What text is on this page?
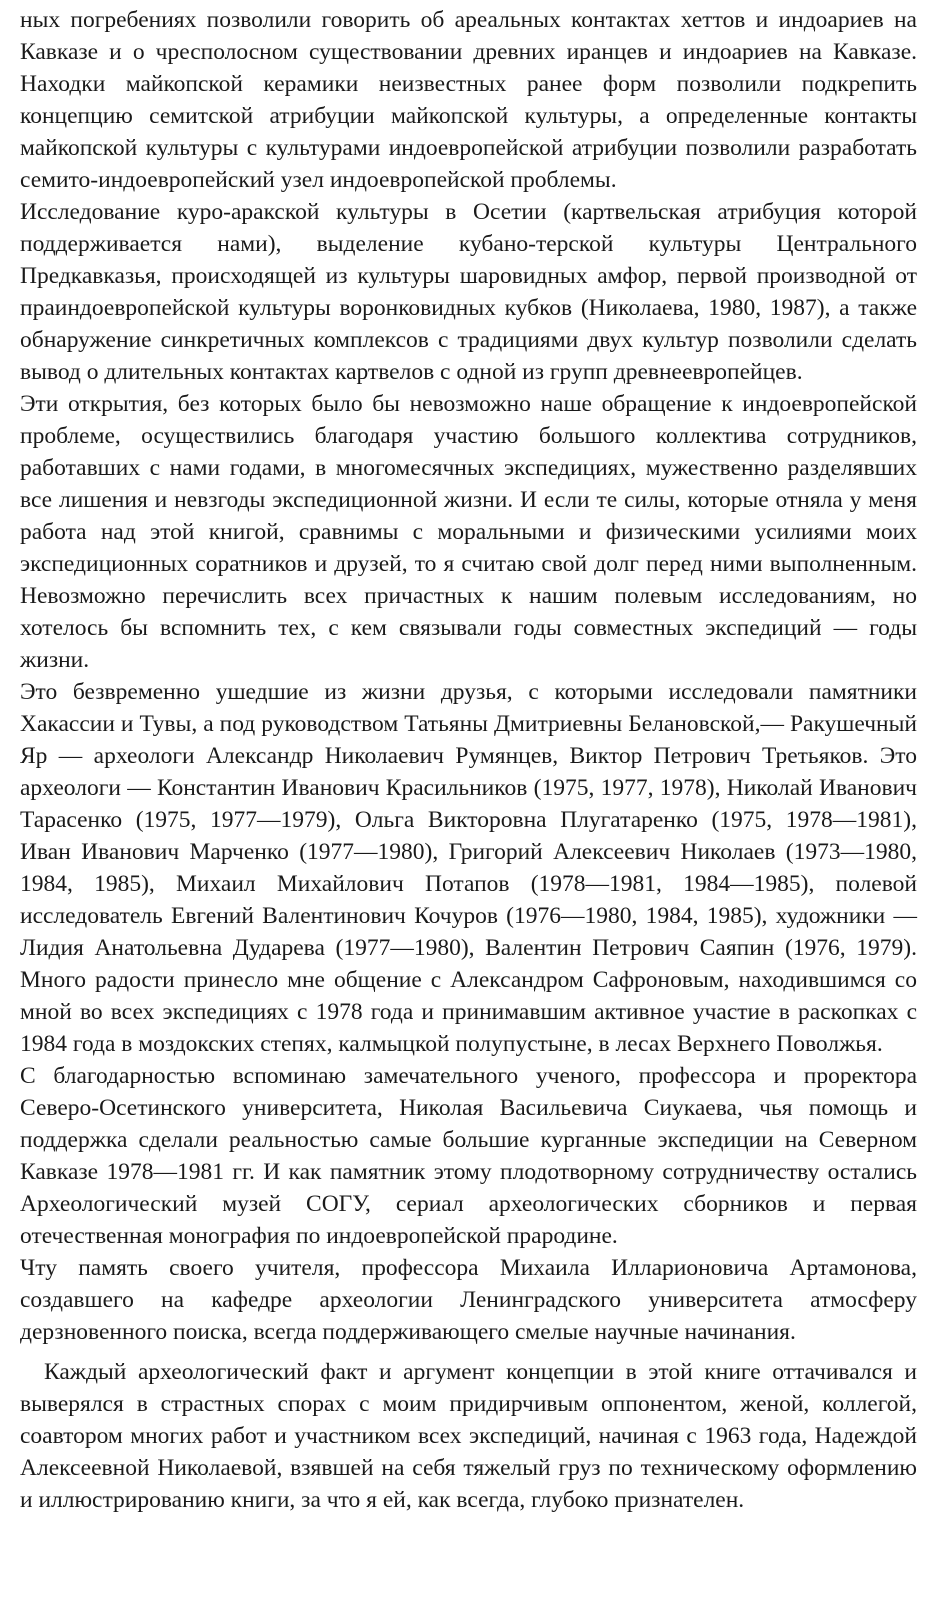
ных погребениях позволили говорить об ареальных контактах хеттов и индоариев на Кавказе и о чресполосном существовании древних иранцев и индоариев на Кавказе. Находки майкопской керамики неизвестных ранее форм позволили подкрепить концепцию семитской атрибуции майкопской культуры, а определенные контакты майкопской культуры с культурами индоевропейской атрибуции позволили разработать семито-индоевропейский узел индоевропейской проблемы.

Исследование куро-аракской культуры в Осетии (картвельская атрибуция которой поддерживается нами), выделение кубано-терской культуры Центрального Предкавказья, происходящей из культуры шаровидных амфор, первой производной от праиндоевропейской культуры воронковидных кубков (Николаева, 1980, 1987), а также обнаружение синкретичных комплексов с традициями двух культур позволили сделать вывод о длительных контактах картвелов с одной из групп древнеевропейцев.

Эти открытия, без которых было бы невозможно наше обращение к индоевропейской проблеме, осуществились благодаря участию большого коллектива сотрудников, работавших с нами годами, в многомесячных экспедициях, мужественно разделявших все лишения и невзгоды экспедиционной жизни. И если те силы, которые отняла у меня работа над этой книгой, сравнимы с моральными и физическими усилиями моих экспедиционных соратников и друзей, то я считаю свой долг перед ними выполненным. Невозможно перечислить всех причастных к нашим полевым исследованиям, но хотелось бы вспомнить тех, с кем связывали годы совместных экспедиций — годы жизни.

Это безвременно ушедшие из жизни друзья, с которыми исследовали памятники Хакассии и Тувы, а под руководством Татьяны Дмитриевны Белановской,— Ракушечный Яр — археологи Александр Николаевич Румянцев, Виктор Петрович Третьяков. Это археологи — Константин Иванович Красильников (1975, 1977, 1978), Николай Иванович Тарасенко (1975, 1977—1979), Ольга Викторовна Плугатаренко (1975, 1978—1981), Иван Иванович Марченко (1977—1980), Григорий Алексеевич Николаев (1973—1980, 1984, 1985), Михаил Михайлович Потапов (1978—1981, 1984—1985), полевой исследователь Евгений Валентинович Кочуров (1976—1980, 1984, 1985), художники — Лидия Анатольевна Дударева (1977—1980), Валентин Петрович Саяпин (1976, 1979). Много радости принесло мне общение с Александром Сафроновым, находившимся со мной во всех экспедициях с 1978 года и принимавшим активное участие в раскопках с 1984 года в моздокских степях, калмыцкой полупустыне, в лесах Верхнего Поволжья.

С благодарностью вспоминаю замечательного ученого, профессора и проректора Северо-Осетинского университета, Николая Васильевича Сиукаева, чья помощь и поддержка сделали реальностью самые большие курганные экспедиции на Северном Кавказе 1978—1981 гг. И как памятник этому плодотворному сотрудничеству остались Археологический музей СОГУ, сериал археологических сборников и первая отечественная монография по индоевропейской прародине.

Чту память своего учителя, профессора Михаила Илларионовича Артамонова, создавшего на кафедре археологии Ленинградского университета атмосферу дерзновенного поиска, всегда поддерживающего смелые научные начинания.

Каждый археологический факт и аргумент концепции в этой книге оттачивался и выверялся в страстных спорах с моим придирчивым оппонентом, женой, коллегой, соавтором многих работ и участником всех экспедиций, начиная с 1963 года, Надеждой Алексеевной Николаевой, взявшей на себя тяжелый груз по техническому оформлению и иллюстрированию книги, за что я ей, как всегда, глубоко признателен.
